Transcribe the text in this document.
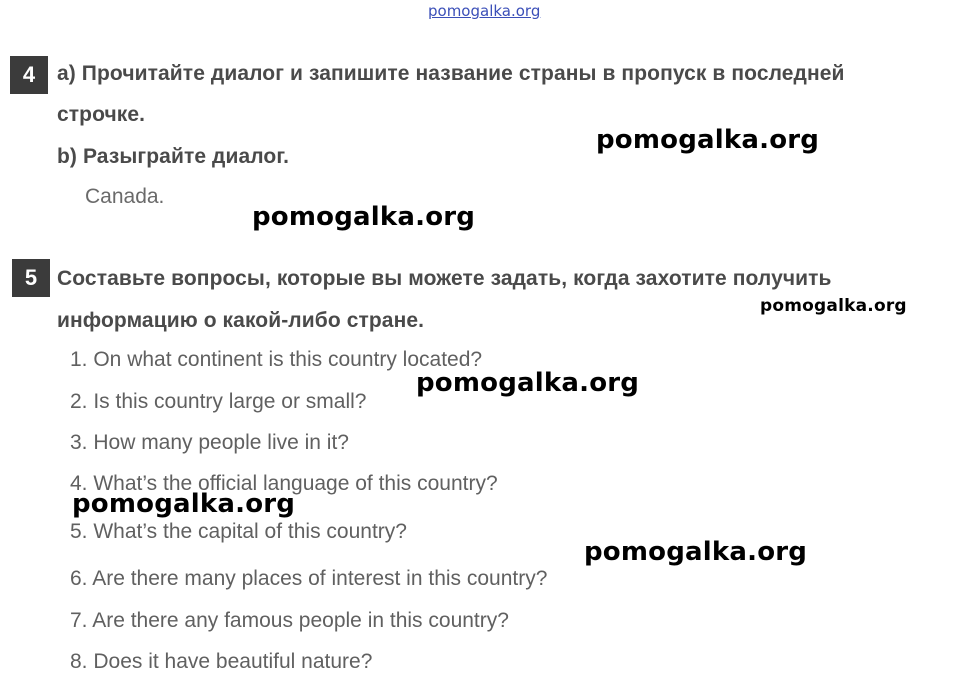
pomogalka.org
4	a) Прочитайте диалог и запишите название страны в пропуск в последней
строчке.
b) Разыграйте диалог.
Canada.
5 Составьте вопросы, которые вы можете задать, когда захотите получить
информацию о какой-либо стране.
1. On what continent is this country located?
2. Is this country large or small?
3. How many people live in it?
4. What’s the official language of this country?
5. What’s the capital of this country?
6. Are there many places of interest in this country?
7. Are there any famous people in this country?
8. Does it have beautiful nature?
pomogalka.org
pomogalka.org
pomogalka.org
pomogalka.org
pomogalka.org
pomogalka.org
